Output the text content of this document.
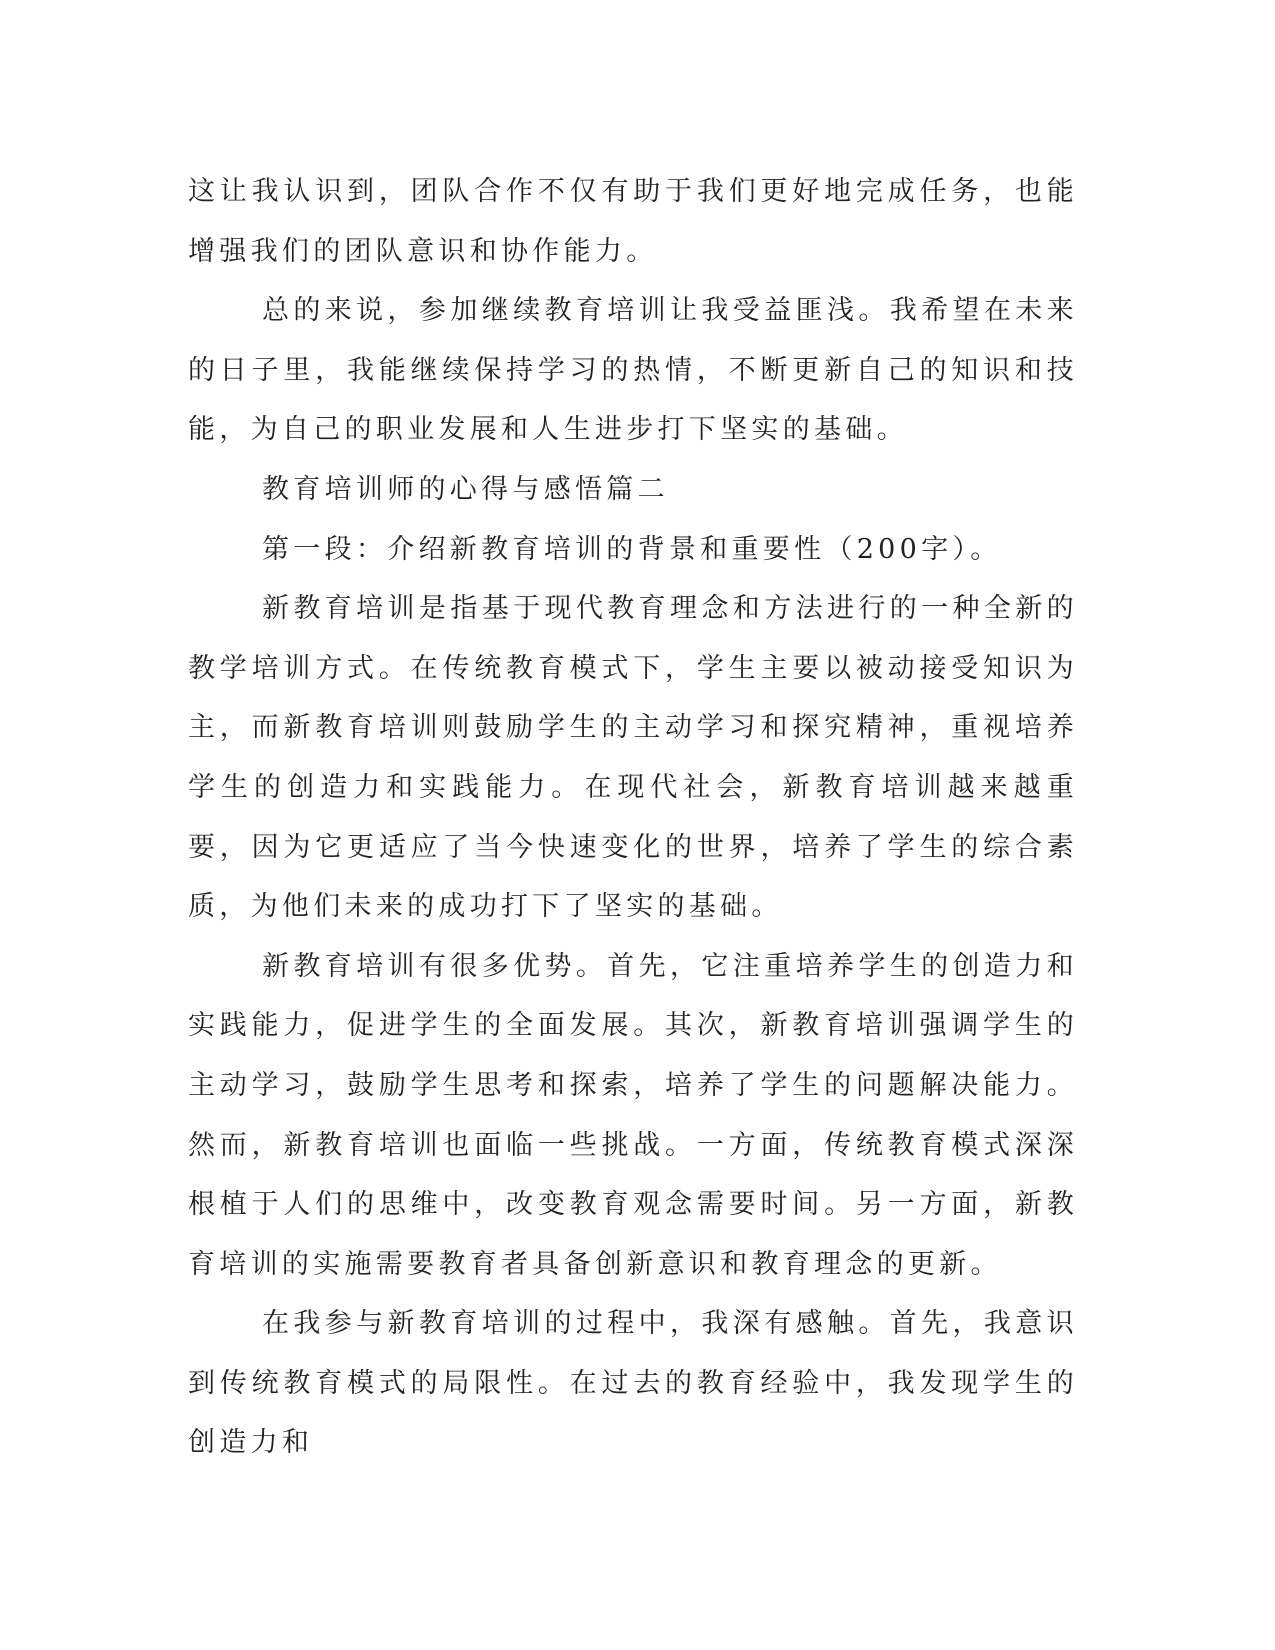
这让我认识到，团队合作不仅有助于我们更好地完成任务，也能增强我们的团队意识和协作能力。

总的来说，参加继续教育培训让我受益匪浅。我希望在未来的日子里，我能继续保持学习的热情，不断更新自己的知识和技能，为自己的职业发展和人生进步打下坚实的基础。

教育培训师的心得与感悟篇二

第一段：介绍新教育培训的背景和重要性（200字）。

新教育培训是指基于现代教育理念和方法进行的一种全新的教学培训方式。在传统教育模式下，学生主要以被动接受知识为主，而新教育培训则鼓励学生的主动学习和探究精神，重视培养学生的创造力和实践能力。在现代社会，新教育培训越来越重要，因为它更适应了当今快速变化的世界，培养了学生的综合素质，为他们未来的成功打下了坚实的基础。

新教育培训有很多优势。首先，它注重培养学生的创造力和实践能力，促进学生的全面发展。其次，新教育培训强调学生的主动学习，鼓励学生思考和探索，培养了学生的问题解决能力。然而，新教育培训也面临一些挑战。一方面，传统教育模式深深根植于人们的思维中，改变教育观念需要时间。另一方面，新教育培训的实施需要教育者具备创新意识和教育理念的更新。

在我参与新教育培训的过程中，我深有感触。首先，我意识到传统教育模式的局限性。在过去的教育经验中，我发现学生的创造力和
